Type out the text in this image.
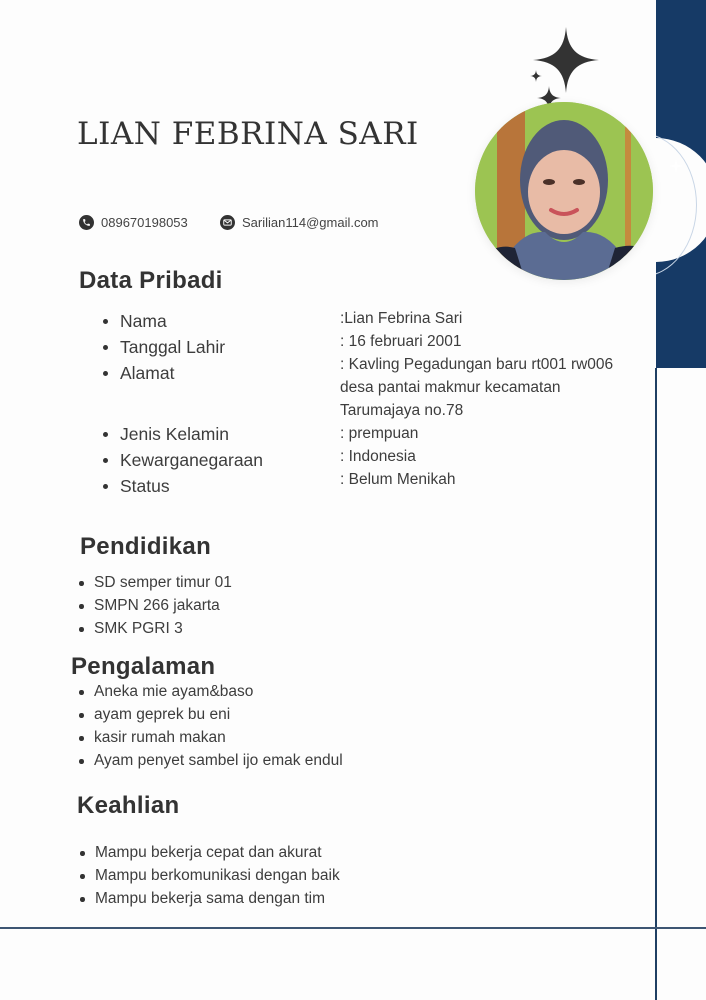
LIAN FEBRINA SARI
089670198053	Sarilian114@gmail.com
Data Pribadi
Nama
Tanggal Lahir
Alamat
Jenis Kelamin
Kewarganegaraan
Status
:Lian Febrina Sari
: 16 februari 2001
: Kavling Pegadungan baru rt001 rw006
desa pantai makmur kecamatan
Tarumajaya no.78
: prempuan
: Indonesia
: Belum Menikah
Pendidikan
SD semper timur 01
SMPN 266 jakarta
SMK PGRI 3
Pengalaman
Aneka mie ayam&baso
ayam geprek bu eni
kasir rumah makan
Ayam penyet sambel ijo emak endul
Keahlian
Mampu bekerja cepat dan akurat
Mampu berkomunikasi dengan baik
Mampu bekerja sama dengan tim
